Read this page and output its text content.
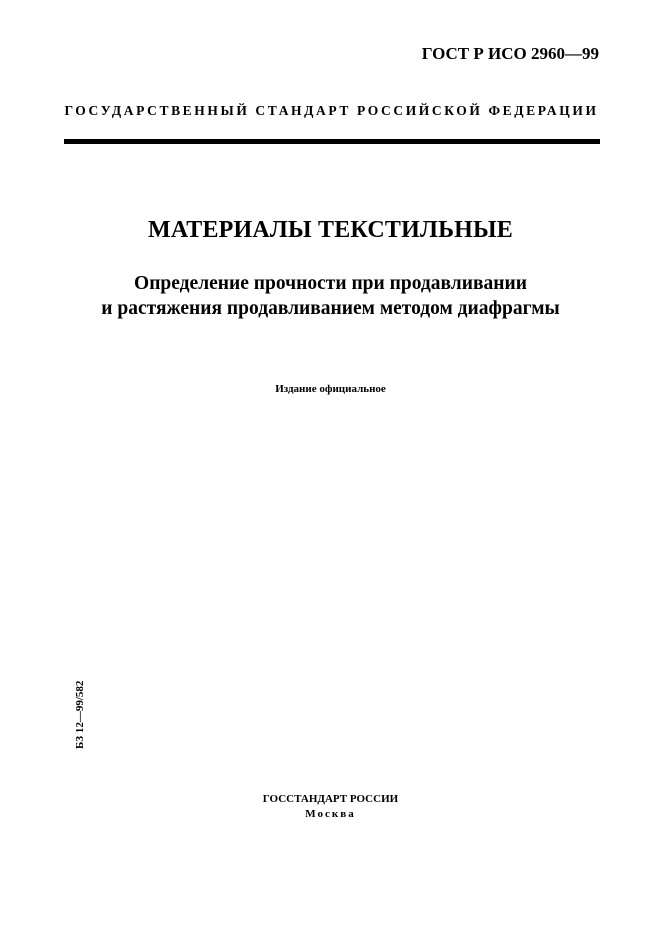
ГОСТ Р ИСО 2960—99
ГОСУДАРСТВЕННЫЙ СТАНДАРТ РОССИЙСКОЙ ФЕДЕРАЦИИ
МАТЕРИАЛЫ ТЕКСТИЛЬНЫЕ
Определение прочности при продавливании
и растяжения продавливанием методом диафрагмы
Издание официальное
БЗ 12—99/582
ГОССТАНДАРТ РОССИИ
Москва
